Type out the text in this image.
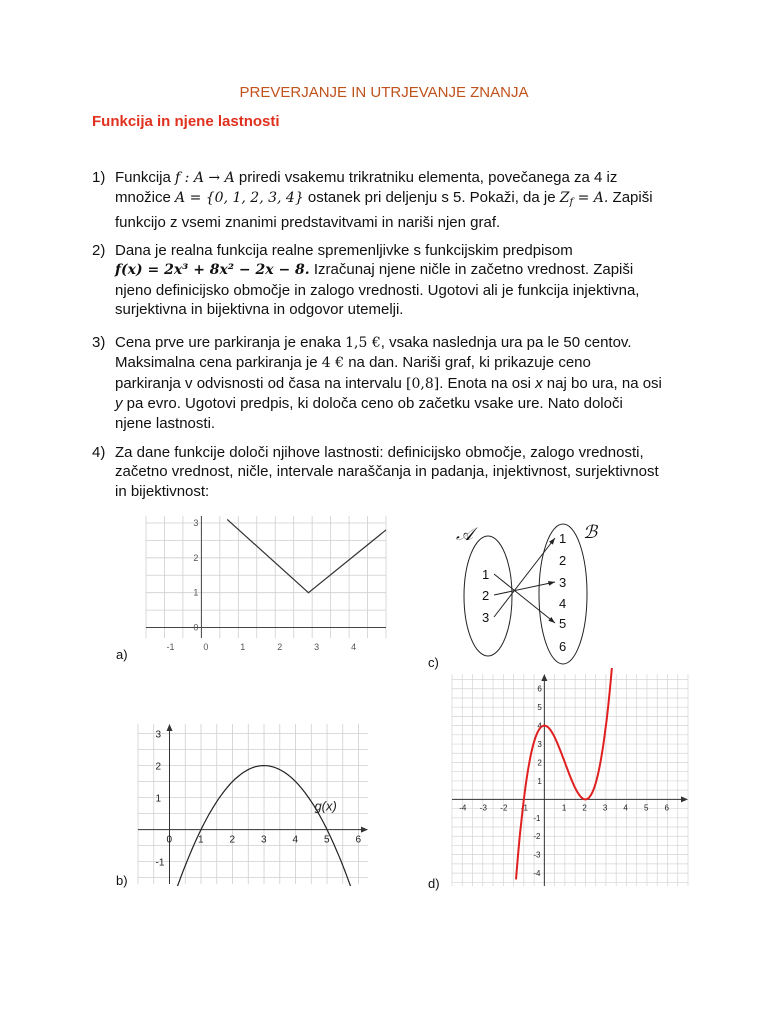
PREVERJANJE IN UTRJEVANJE ZNANJA
Funkcija in njene lastnosti
1) Funkcija f : A → A priredi vsakemu trikratniku elementa, povečanega za 4 iz
množice A = {0, 1, 2, 3, 4} ostanek pri deljenju s 5. Pokaži, da je $Z_f = A$. Zapiši
funkcijo z vsemi znanimi predstavitvami in nariši njen graf.
2) Dana je realna funkcija realne spremenljivke s funkcijskim predpisom
f(x) = 2x³ + 8x² − 2x − 8. Izračunaj njene ničle in začetno vrednost. Zapiši
njeno definicijsko območje in zalogo vrednosti. Ugotovi ali je funkcija injektivna,
surjektivna in bijektivna in odgovor utemelji.
3) Cena prve ure parkiranja je enaka 1,5 €, vsaka naslednja ura pa le 50 centov.
Maksimalna cena parkiranja je 4 € na dan. Nariši graf, ki prikazuje ceno
parkiranja v odvisnosti od časa na intervalu [0,8]. Enota na osi x naj bo ura, na osi
y pa evro. Ugotovi predpis, ki določa ceno ob začetku vsake ure. Nato določi
njene lastnosti.
4) Za dane funkcije določi njihove lastnosti: definicijsko območje, zalogo vrednosti,
začetno vrednost, ničle, intervale naraščanja in padanja, injektivnost, surjektivnost
in bijektivnost:
a)
b)
c)
d)
-1	0	1	2	3	4
0
1
2
3
0	1	2	3	4	5	6
-1
1
2
3
g(x)
𝒜	ℬ
1
2
3
1
2
3
4
5
6
-4 -3 -2 -1	1 2 3 4 5 6
-4
-3
-2
-1
1
2
3
4
5
6
